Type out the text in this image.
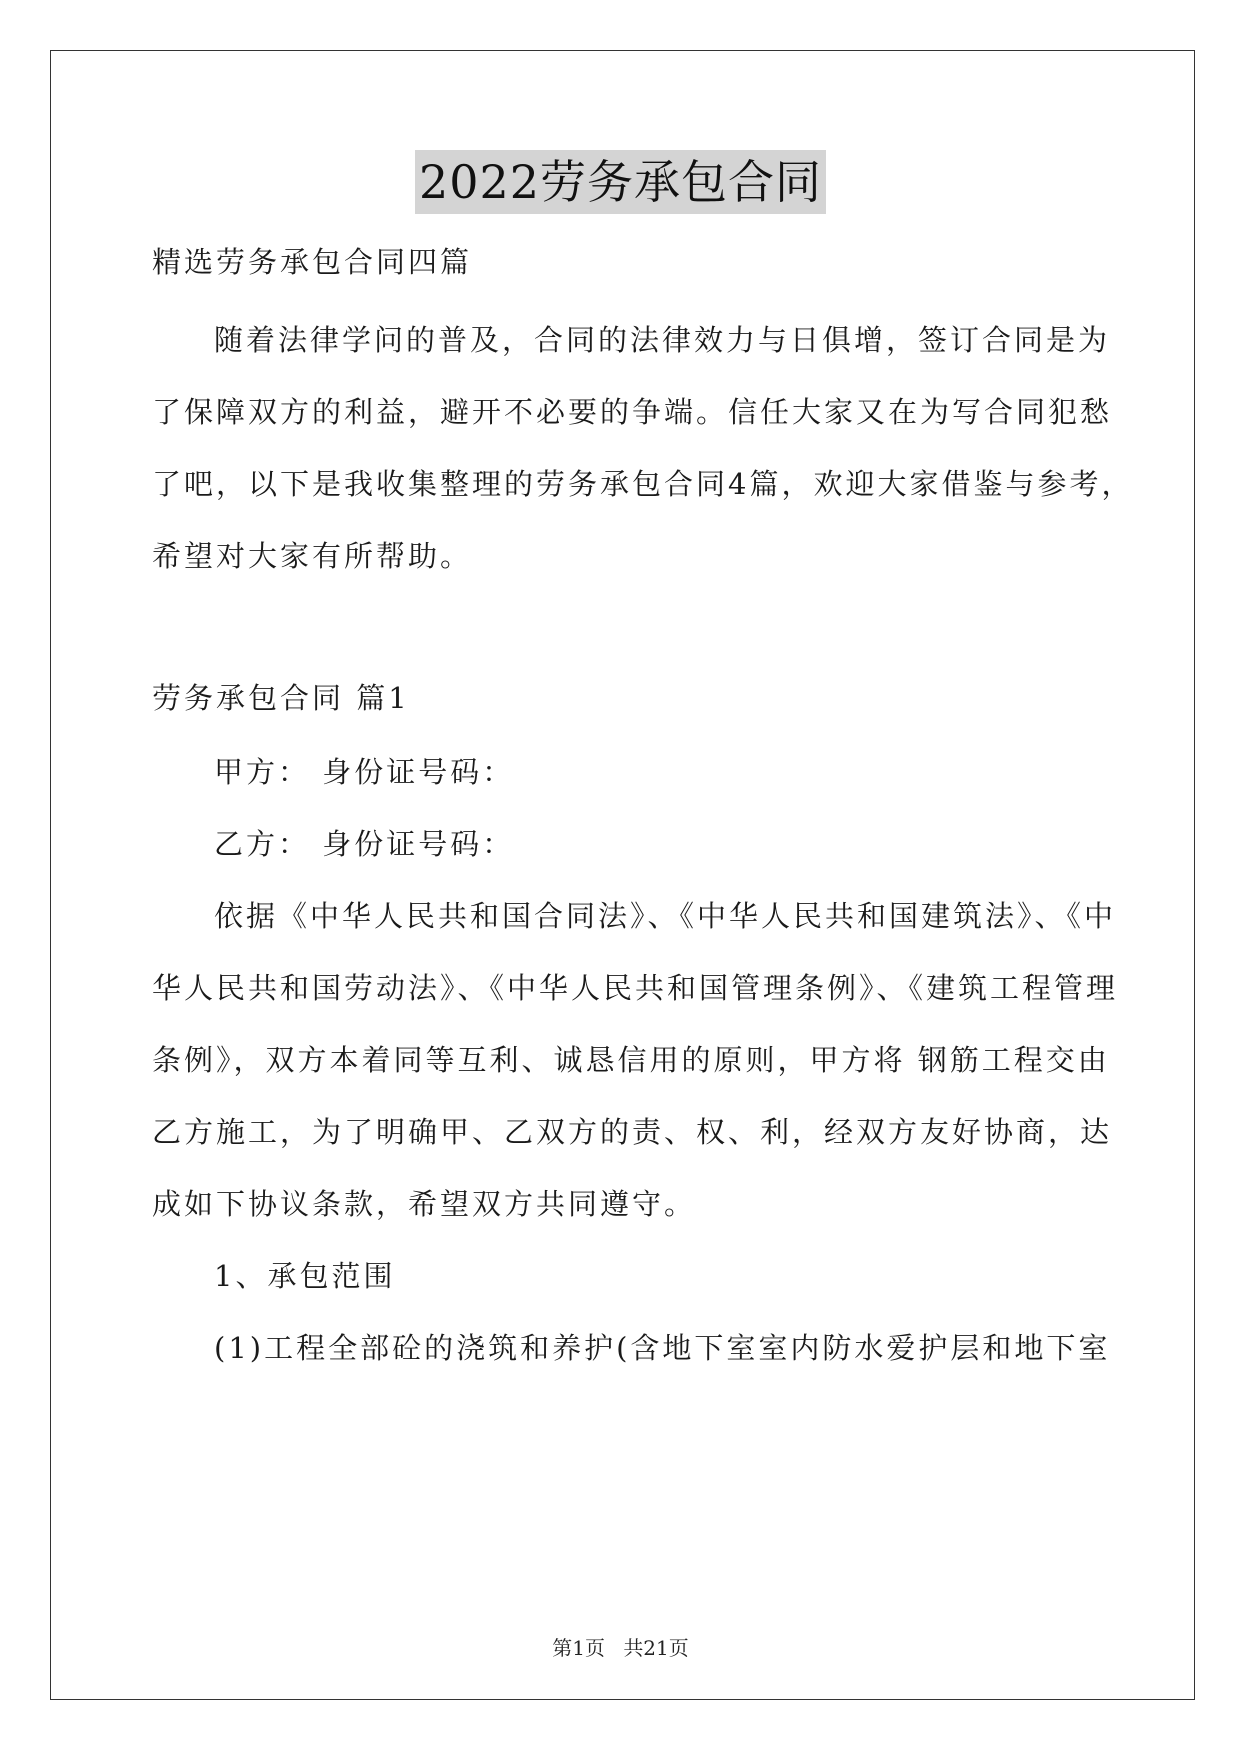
2022劳务承包合同
精选劳务承包合同四篇
随着法律学问的普及，合同的法律效力与日俱增，签订合同是为
了保障双方的利益，避开不必要的争端。信任大家又在为写合同犯愁
了吧，以下是我收集整理的劳务承包合同4篇，欢迎大家借鉴与参考，
希望对大家有所帮助。
劳务承包合同 篇1
甲方： 身份证号码：
乙方： 身份证号码：
依据《中华人民共和国合同法》、《中华人民共和国建筑法》、《中
华人民共和国劳动法》、《中华人民共和国管理条例》、《建筑工程管理
条例》，双方本着同等互利、诚恳信用的原则，甲方将 钢筋工程交由
乙方施工，为了明确甲、乙双方的责、权、利，经双方友好协商，达
成如下协议条款，希望双方共同遵守。
1、承包范围
(1)工程全部砼的浇筑和养护(含地下室室内防水爱护层和地下室
第1页 共21页
